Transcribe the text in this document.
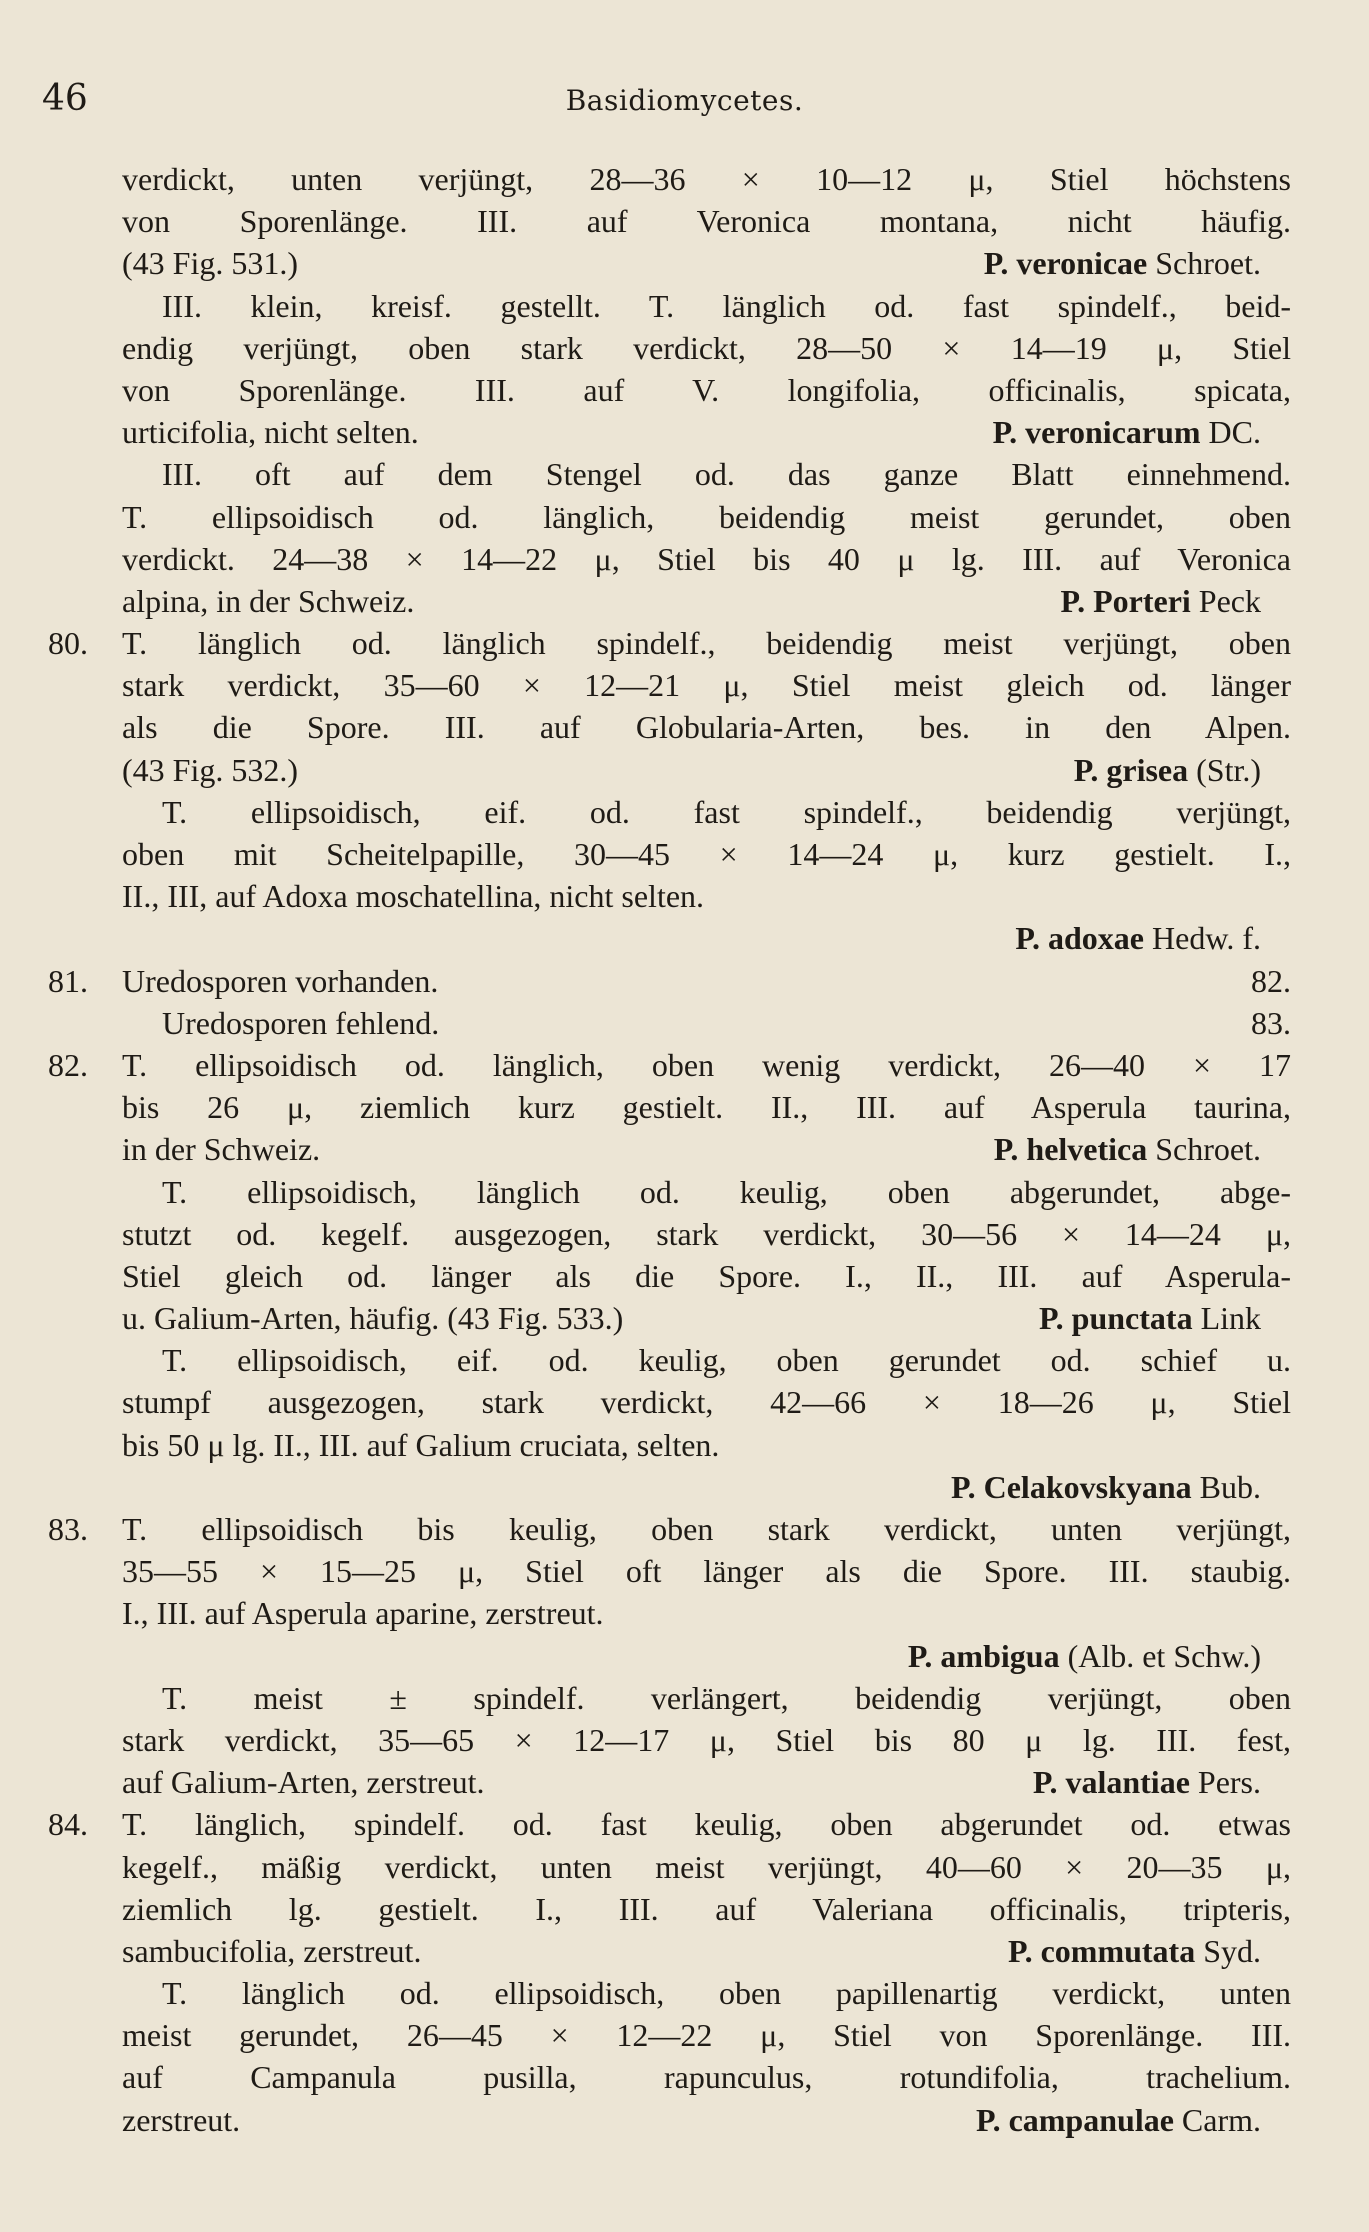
46	Basidiomycetes.
verdickt, unten verjüngt, 28—36 × 10—12 μ, Stiel höchstens
von Sporenlänge. III. auf Veronica montana, nicht häufig.
(43 Fig. 531.)	P. veronicae Schroet.
III. klein, kreisf. gestellt. T. länglich od. fast spindelf., beid-
endig verjüngt, oben stark verdickt, 28—50 × 14—19 μ, Stiel
von Sporenlänge. III. auf V. longifolia, officinalis, spicata,
urticifolia, nicht selten.	P. veronicarum DC.
III. oft auf dem Stengel od. das ganze Blatt einnehmend.
T. ellipsoidisch od. länglich, beidendig meist gerundet, oben
verdickt. 24—38 × 14—22 μ, Stiel bis 40 μ lg. III. auf Veronica
alpina, in der Schweiz.	P. Porteri Peck
80. T. länglich od. länglich spindelf., beidendig meist verjüngt, oben
stark verdickt, 35—60 × 12—21 μ, Stiel meist gleich od. länger
als die Spore. III. auf Globularia-Arten, bes. in den Alpen.
(43 Fig. 532.)	P. grisea (Str.)
T. ellipsoidisch, eif. od. fast spindelf., beidendig verjüngt,
oben mit Scheitelpapille, 30—45 × 14—24 μ, kurz gestielt. I.,
II., III, auf Adoxa moschatellina, nicht selten.
P. adoxae Hedw. f.
81. Uredosporen vorhanden.	82.
Uredosporen fehlend.	83.
82. T. ellipsoidisch od. länglich, oben wenig verdickt, 26—40 × 17
bis 26 μ, ziemlich kurz gestielt. II., III. auf Asperula taurina,
in der Schweiz.	P. helvetica Schroet.
T. ellipsoidisch, länglich od. keulig, oben abgerundet, abge-
stutzt od. kegelf. ausgezogen, stark verdickt, 30—56 × 14—24 μ,
Stiel gleich od. länger als die Spore. I., II., III. auf Asperula-
u. Galium-Arten, häufig. (43 Fig. 533.)	P. punctata Link
T. ellipsoidisch, eif. od. keulig, oben gerundet od. schief u.
stumpf ausgezogen, stark verdickt, 42—66 × 18—26 μ, Stiel
bis 50 μ lg. II., III. auf Galium cruciata, selten.
P. Celakovskyana Bub.
83. T. ellipsoidisch bis keulig, oben stark verdickt, unten verjüngt,
35—55 × 15—25 μ, Stiel oft länger als die Spore. III. staubig.
I., III. auf Asperula aparine, zerstreut.
P. ambigua (Alb. et Schw.)
T. meist ± spindelf. verlängert, beidendig verjüngt, oben
stark verdickt, 35—65 × 12—17 μ, Stiel bis 80 μ lg. III. fest,
auf Galium-Arten, zerstreut.	P. valantiae Pers.
84. T. länglich, spindelf. od. fast keulig, oben abgerundet od. etwas
kegelf., mäßig verdickt, unten meist verjüngt, 40—60 × 20—35 μ,
ziemlich lg. gestielt. I., III. auf Valeriana officinalis, tripteris,
sambucifolia, zerstreut.	P. commutata Syd.
T. länglich od. ellipsoidisch, oben papillenartig verdickt, unten
meist gerundet, 26—45 × 12—22 μ, Stiel von Sporenlänge. III.
auf Campanula pusilla, rapunculus, rotundifolia, trachelium.
zerstreut.	P. campanulae Carm.
